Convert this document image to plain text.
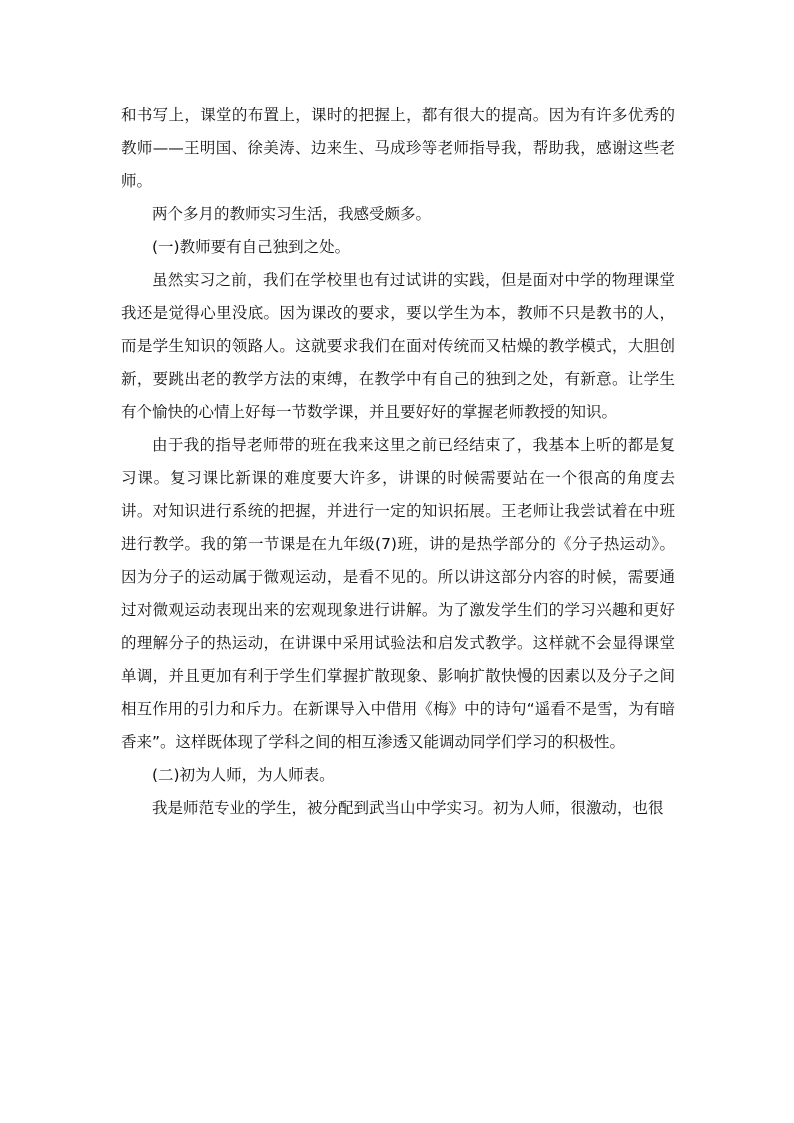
和书写上，课堂的布置上，课时的把握上，都有很大的提高。因为有许多优秀的教师——王明国、徐美涛、边来生、马成珍等老师指导我，帮助我，感谢这些老师。

两个多月的教师实习生活，我感受颇多。

(一)教师要有自己独到之处。

虽然实习之前，我们在学校里也有过试讲的实践，但是面对中学的物理课堂我还是觉得心里没底。因为课改的要求，要以学生为本，教师不只是教书的人，而是学生知识的领路人。这就要求我们在面对传统而又枯燥的教学模式，大胆创新，要跳出老的教学方法的束缚，在教学中有自己的独到之处，有新意。让学生有个愉快的心情上好每一节数学课，并且要好好的掌握老师教授的知识。

由于我的指导老师带的班在我来这里之前已经结束了，我基本上听的都是复习课。复习课比新课的难度要大许多，讲课的时候需要站在一个很高的角度去讲。对知识进行系统的把握，并进行一定的知识拓展。王老师让我尝试着在中班进行教学。我的第一节课是在九年级(7)班，讲的是热学部分的《分子热运动》。因为分子的运动属于微观运动，是看不见的。所以讲这部分内容的时候，需要通过对微观运动表现出来的宏观现象进行讲解。为了激发学生们的学习兴趣和更好的理解分子的热运动，在讲课中采用试验法和启发式教学。这样就不会显得课堂单调，并且更加有利于学生们掌握扩散现象、影响扩散快慢的因素以及分子之间相互作用的引力和斥力。在新课导入中借用《梅》中的诗句“遥看不是雪，为有暗香来”。这样既体现了学科之间的相互渗透又能调动同学们学习的积极性。

(二)初为人师，为人师表。

我是师范专业的学生，被分配到武当山中学实习。初为人师，很激动，也很
